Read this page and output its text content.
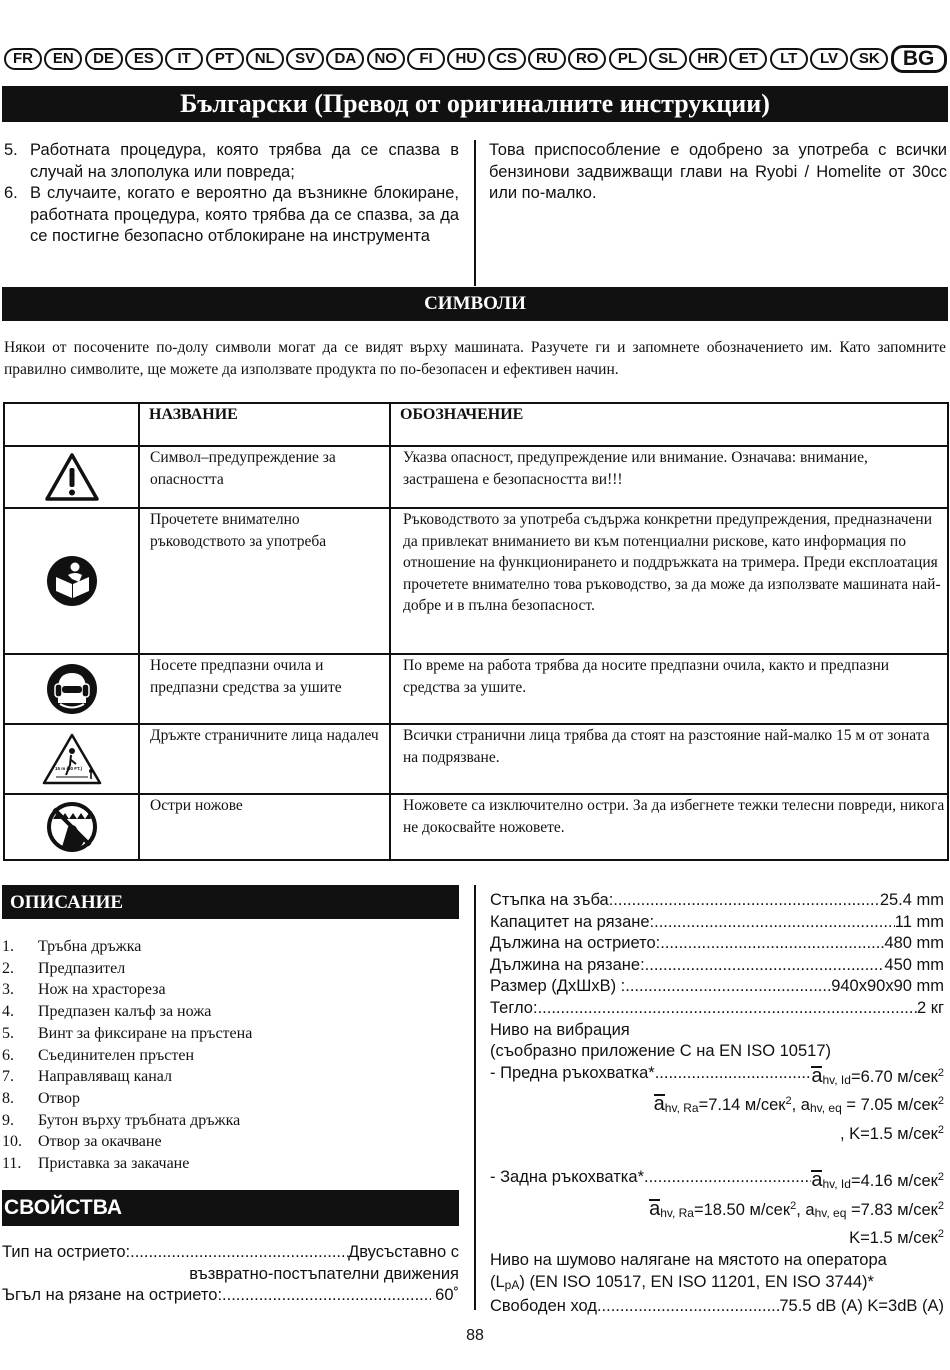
FR	EN	DE	ES	IT	PT	NL	SV	DA	NO	FI	HU	CS	RU	RO	PL	SL	HR	ET	LT	LV	SK	BG
Български (Превод от оригиналните инструкции)
5. Работната процедура, която трябва да се спазва в случай на злополука или повреда;
6. В случаите, когато е вероятно да възникне блокиране, работната процедура, която трябва да се спазва, за да се постигне безопасно отблокиране на инструмента
Това приспособление е одобрено за употреба с всички бензинови задвижващи глави на Ryobi / Homelite от 30cc или по-малко.
СИМВОЛИ
Някои от посочените по-долу символи могат да се видят върху машината. Разучете ги и запомнете обозначението им. Като запомните правилно символите, ще можете да използвате продукта по по-безопасен и ефективен начин.
	НАЗВАНИЕ	ОБОЗНАЧЕНИЕ

	Символ–предупреждение за опасността	Указва опасност, предупреждение или внимание. Означава: внимание, застрашена е безопасността ви!!!

	Прочетете внимателно ръководството за употреба	Ръководството за употреба съдържа конкретни предупреждения, предназначени да привлекат вниманието ви към потенциални рискове, като информация по отношение на функционирането и поддръжката на тримера. Преди експлоатация прочетете внимателно това ръководство, за да може да използвате машината най-добре и в пълна безопасност.

	Носете предпазни очила и предпазни средства за ушите	По време на работа трябва да носите предпазни очила, както и предпазни средства за ушите.

15 m (50 FT.)	Дръжте страничните лица надалеч	Всички странични лица трябва да стоят на разстояние най-малко 15 м от зоната на подрязване.

	Остри ножове	Ножовете са изключително остри. За да избегнете тежки телесни повреди, никога не докосвайте ножовете.
ОПИСАНИЕ
1. Тръбна дръжка
2. Предпазител
3. Нож на храстореза
4. Предпазен калъф за ножа
5. Винт за фиксиране на пръстена
6. Съединителен пръстен
7. Направляващ канал
8. Отвор
9. Бутон върху тръбната дръжка
10. Отвор за окачване
11. Приставка за закачане
СВОЙСТВА
Тип на острието: .....	Двусъставно с
възвратно-постъпателни движения
Ъгъл на рязане на острието: .....	60˚
Стъпка на зъба: .....	25.4 mm
Капацитет на рязане: .....	11 mm
Дължина на острието: .....	480 mm
Дължина на рязане: .....	450 mm
Размер (ДхШхВ) : .....	940x90x90 mm
Тегло: .....	2 кг
Ниво на вибрация
(съобразно приложение С на EN ISO 10517)
- Предна ръкохватка* .....	ahv, Id=6.70 м/сек$^2$
ahv, Ra=7.14 м/сек$^2$, ahv, eq = 7.05 м/сек$^2$
, K=1.5 м/сек$^2$
- Задна ръкохватка* .....	ahv, Id=4.16 м/сек$^2$
ahv, Ra=18.50 м/сек$^2$, ahv, eq =7.83 м/сек$^2$
K=1.5 м/сек$^2$
Ниво на шумово налягане на мястото на оператора
(LpA) (EN ISO 10517, EN ISO 11201, EN ISO 3744)*
Свободен ход .....	75.5 dB (A) K=3dB (A)
88
